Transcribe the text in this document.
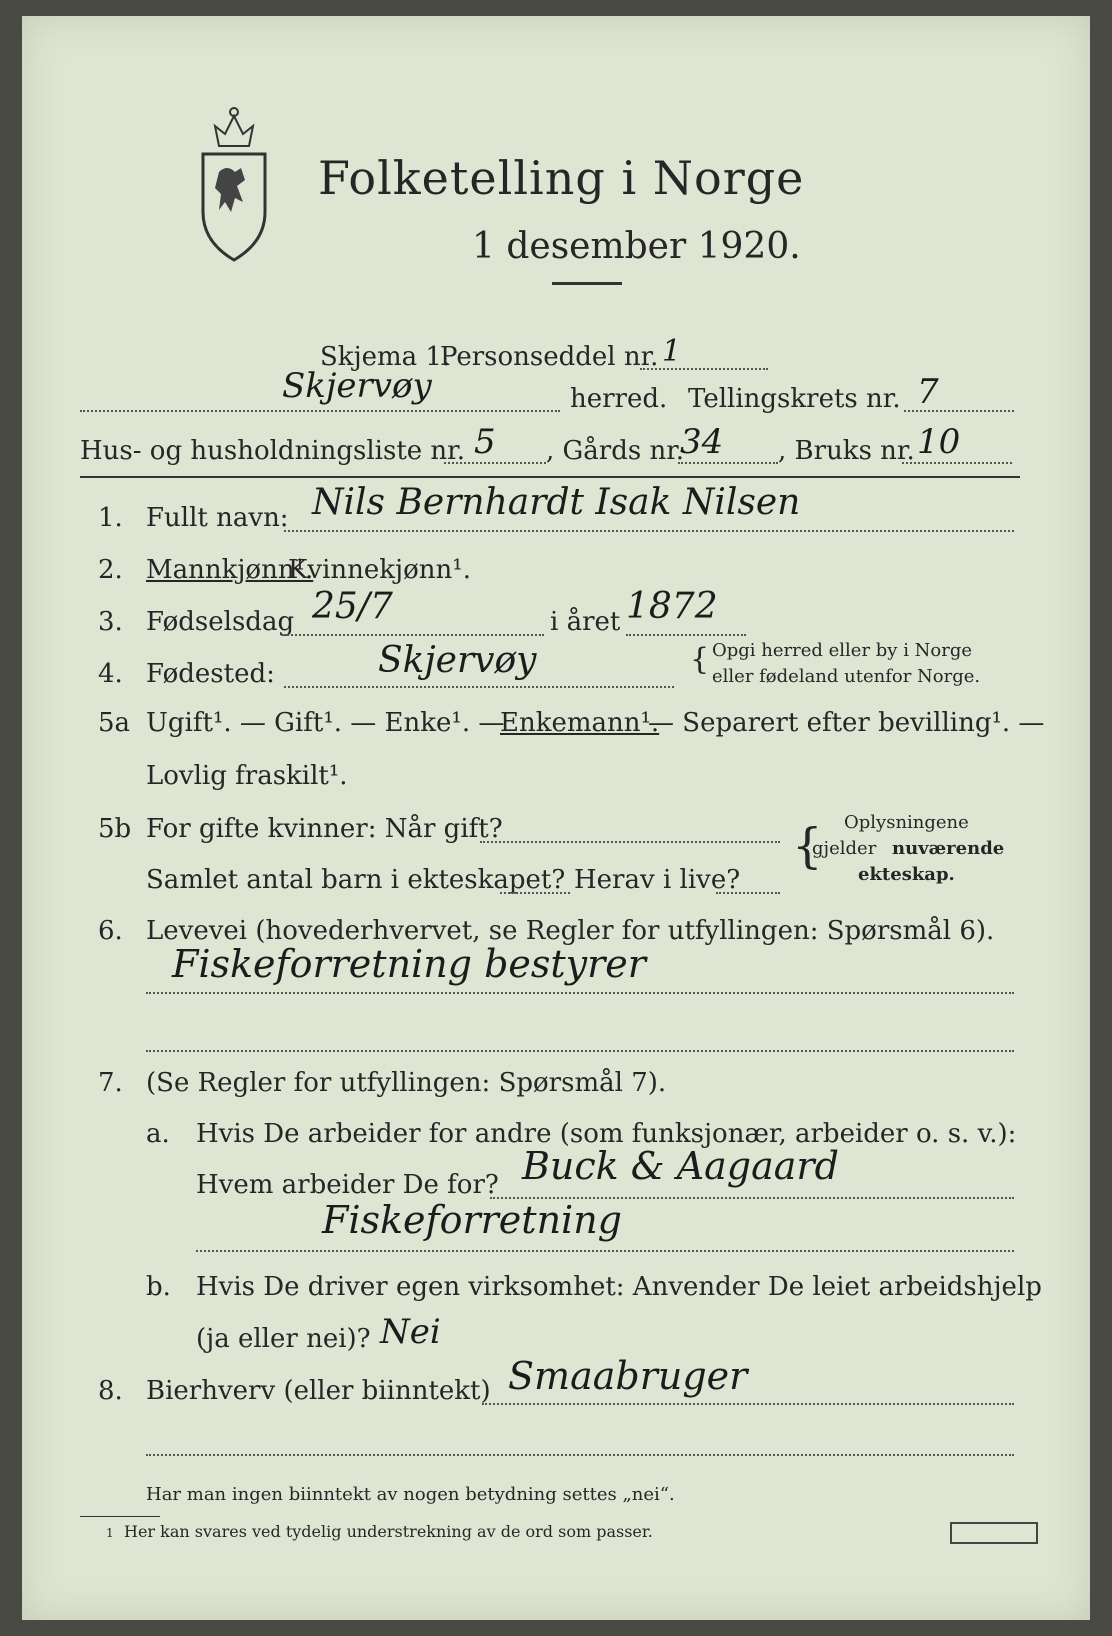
Folketelling i Norge
1 desember 1920.
Skjema 1.
Personseddel nr. 1
Skjervøy	herred. Tellingskrets nr. 7
Hus- og husholdningsliste nr. 5 , Gårds nr.
34 , Bruks nr. 10
1. Fullt navn: Nils Bernhardt Isak Nilsen
2. Mannkjønn¹.
Kvinnekjønn¹.
3. Fødselsdag 25/7	i året 1872
4. Fødested:	Skjervøy	{ Opgi herred eller by i Norge
eller fødeland utenfor Norge.
5a Ugift¹. — Gift¹. — Enke¹. —
Enkemann¹.
— Separert efter bevilling¹. —
Lovlig fraskilt¹.
5b For gifte kvinner: Når gift?
Samlet antal barn i ekteskapet? Herav i live?
{ Oplysningene
gjelder nuværende
ekteskap.
6. Levevei (hovederhvervet, se Regler for utfyllingen: Spørsmål 6).
Fiskeforretning bestyrer
7. (Se Regler for utfyllingen: Spørsmål 7).
a. Hvis De arbeider for andre (som funksjonær, arbeider o. s. v.):
Hvem arbeider De for? Buck & Aagaard
Fiskeforretning
b. Hvis De driver egen virksomhet: Anvender De leiet arbeidshjelp
(ja eller nei)? Nei
8. Bierhverv (eller biinntekt) Smaabruger
Har man ingen biinntekt av nogen betydning settes „nei“.
1 Her kan svares ved tydelig understrekning av de ord som passer.
